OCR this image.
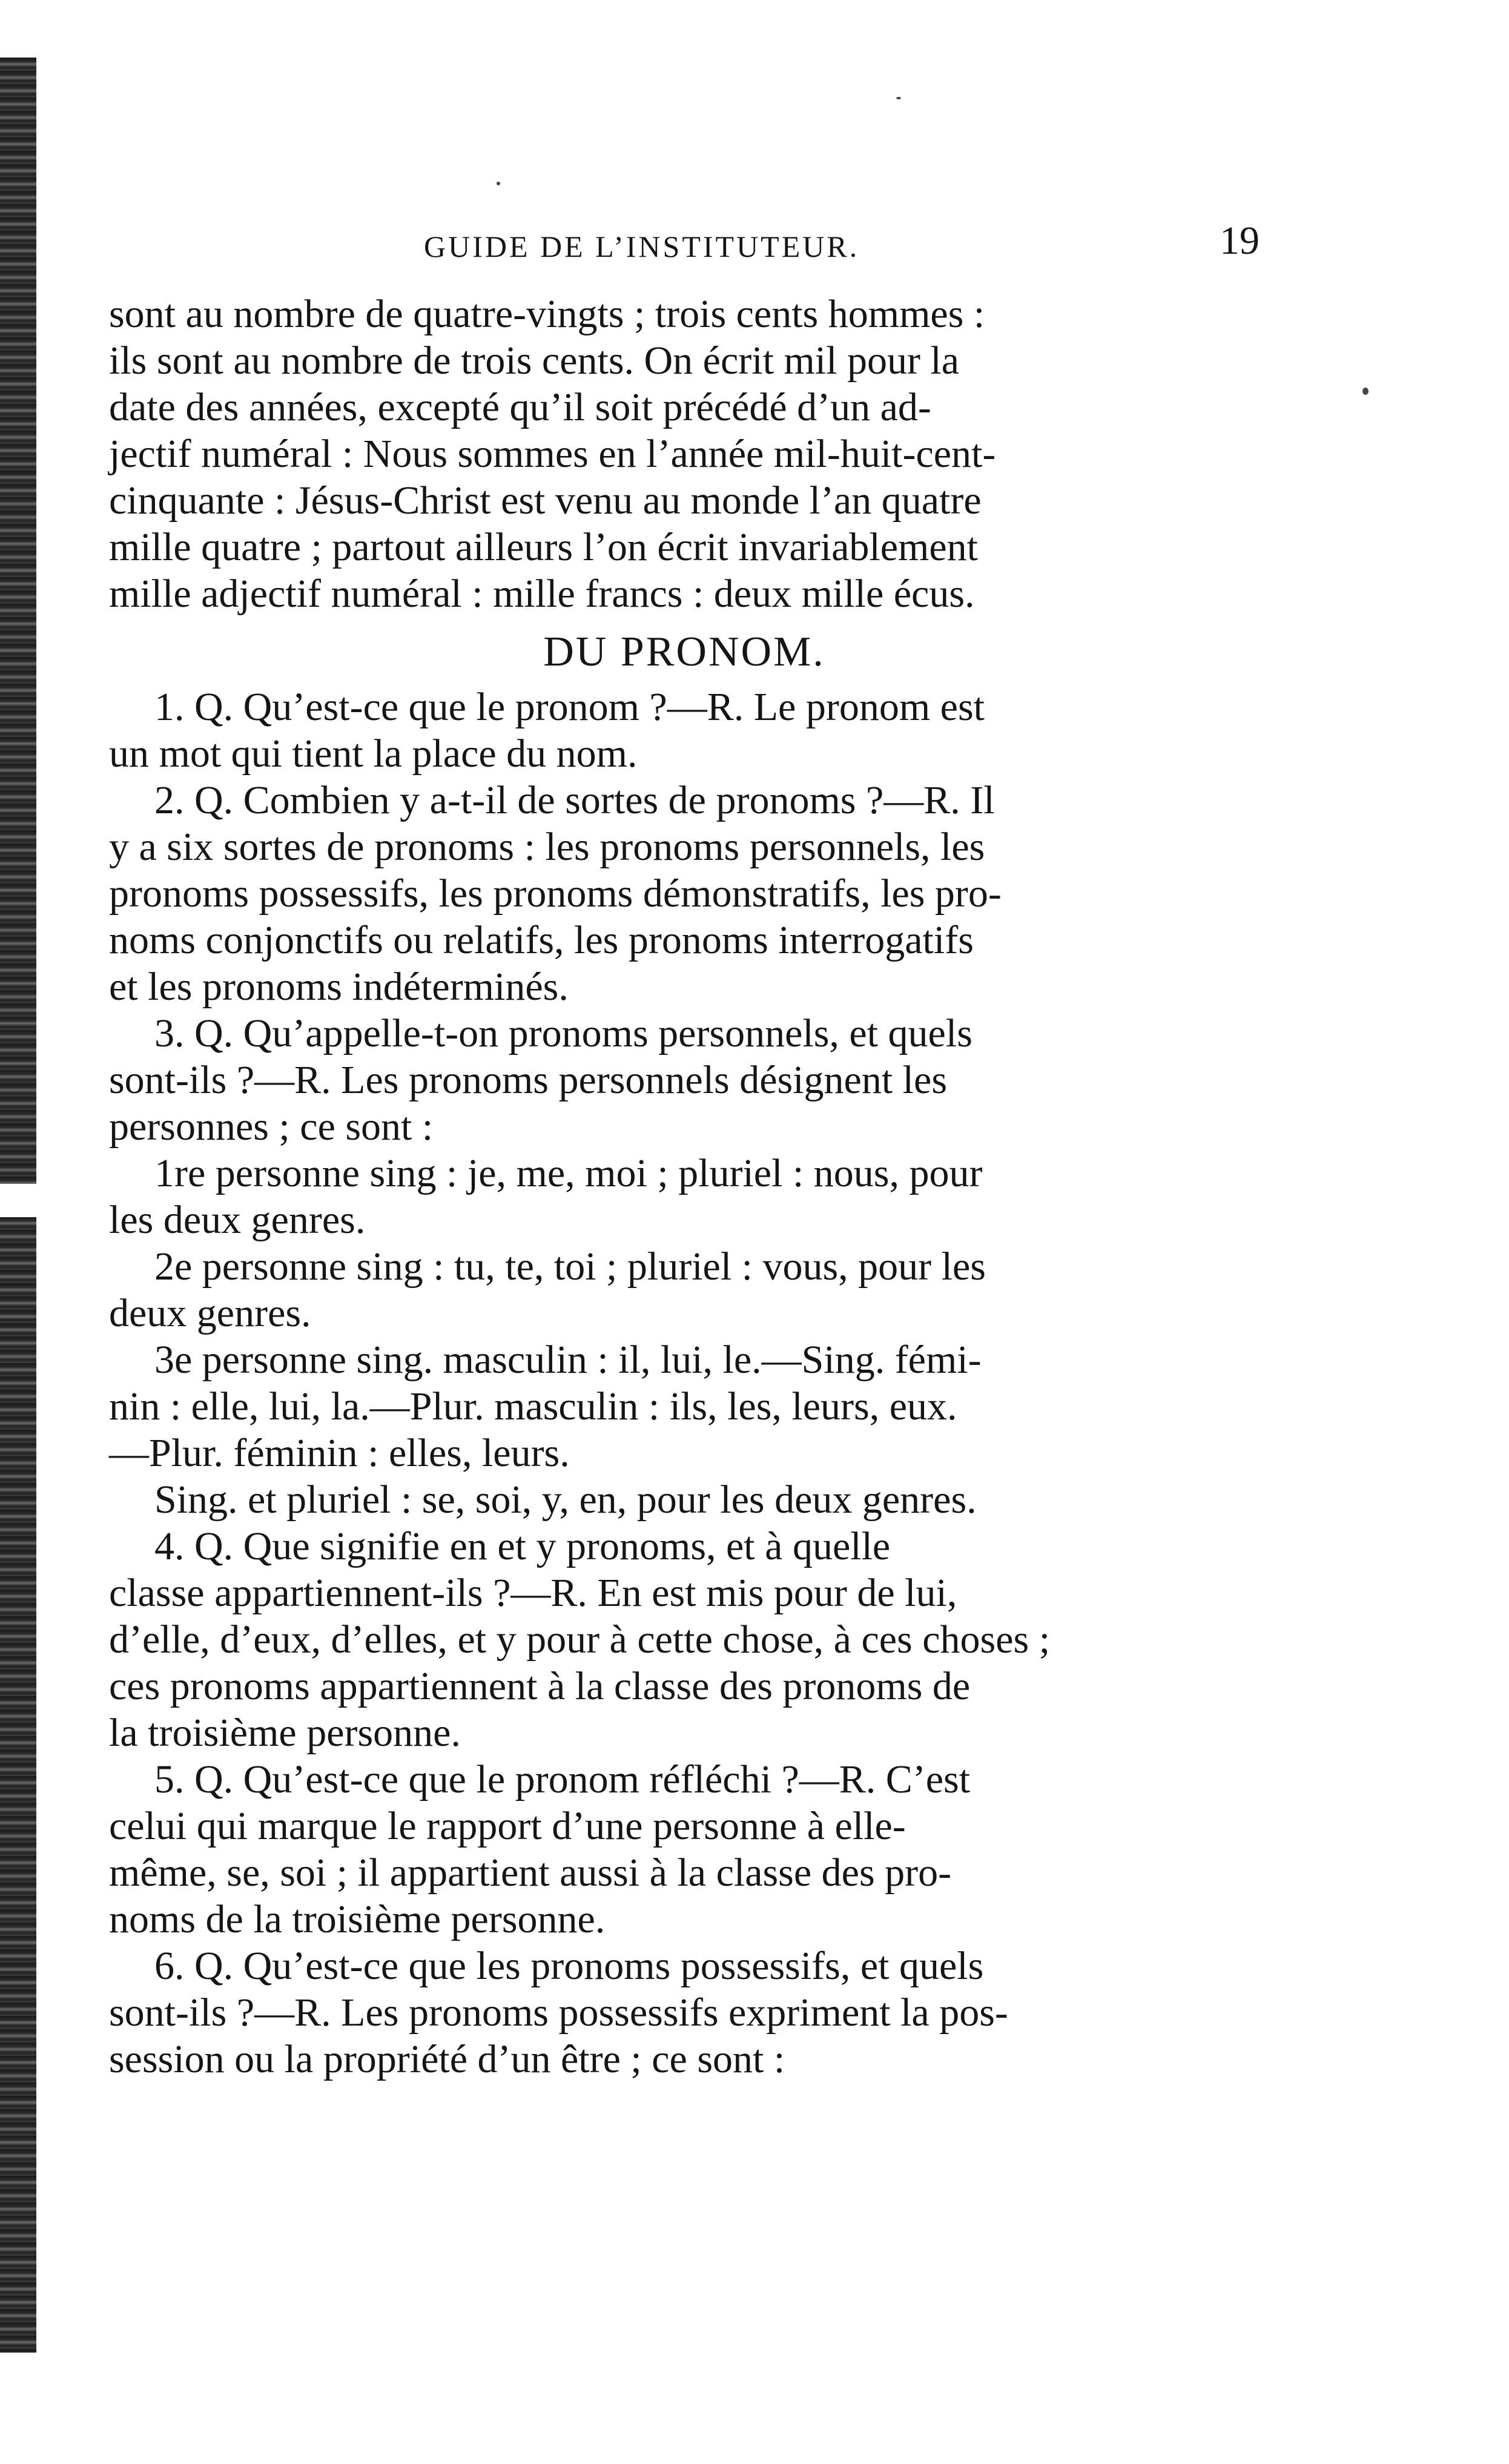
GUIDE DE L’INSTITUTEUR.	19

sont au nombre de quatre-vingts ; trois cents hommes :
ils sont au nombre de trois cents. On écrit mil pour la
date des années, excepté qu’il soit précédé d’un ad-
jectif numéral : Nous sommes en l’année mil-huit-cent-
cinquante : Jésus-Christ est venu au monde l’an quatre
mille quatre ; partout ailleurs l’on écrit invariablement
mille adjectif numéral : mille francs : deux mille écus.

DU PRONOM.

1. Q. Qu’est-ce que le pronom ?—R. Le pronom est
un mot qui tient la place du nom.

2. Q. Combien y a-t-il de sortes de pronoms ?—R. Il
y a six sortes de pronoms : les pronoms personnels, les
pronoms possessifs, les pronoms démonstratifs, les pro-
noms conjonctifs ou relatifs, les pronoms interrogatifs
et les pronoms indéterminés.

3. Q. Qu’appelle-t-on pronoms personnels, et quels
sont-ils ?—R. Les pronoms personnels désignent les
personnes ; ce sont :

1re personne sing : je, me, moi ; pluriel : nous, pour
les deux genres.

2e personne sing : tu, te, toi ; pluriel : vous, pour les
deux genres.

3e personne sing. masculin : il, lui, le.—Sing. fémi-
nin : elle, lui, la.—Plur. masculin : ils, les, leurs, eux.
—Plur. féminin : elles, leurs.

Sing. et pluriel : se, soi, y, en, pour les deux genres.

4. Q. Que signifie en et y pronoms, et à quelle
classe appartiennent-ils ?—R. En est mis pour de lui,
d’elle, d’eux, d’elles, et y pour à cette chose, à ces choses ;
ces pronoms appartiennent à la classe des pronoms de
la troisième personne.

5. Q. Qu’est-ce que le pronom réfléchi ?—R. C’est
celui qui marque le rapport d’une personne à elle-
même, se, soi ; il appartient aussi à la classe des pro-
noms de la troisième personne.

6. Q. Qu’est-ce que les pronoms possessifs, et quels
sont-ils ?—R. Les pronoms possessifs expriment la pos-
session ou la propriété d’un être ; ce sont :
